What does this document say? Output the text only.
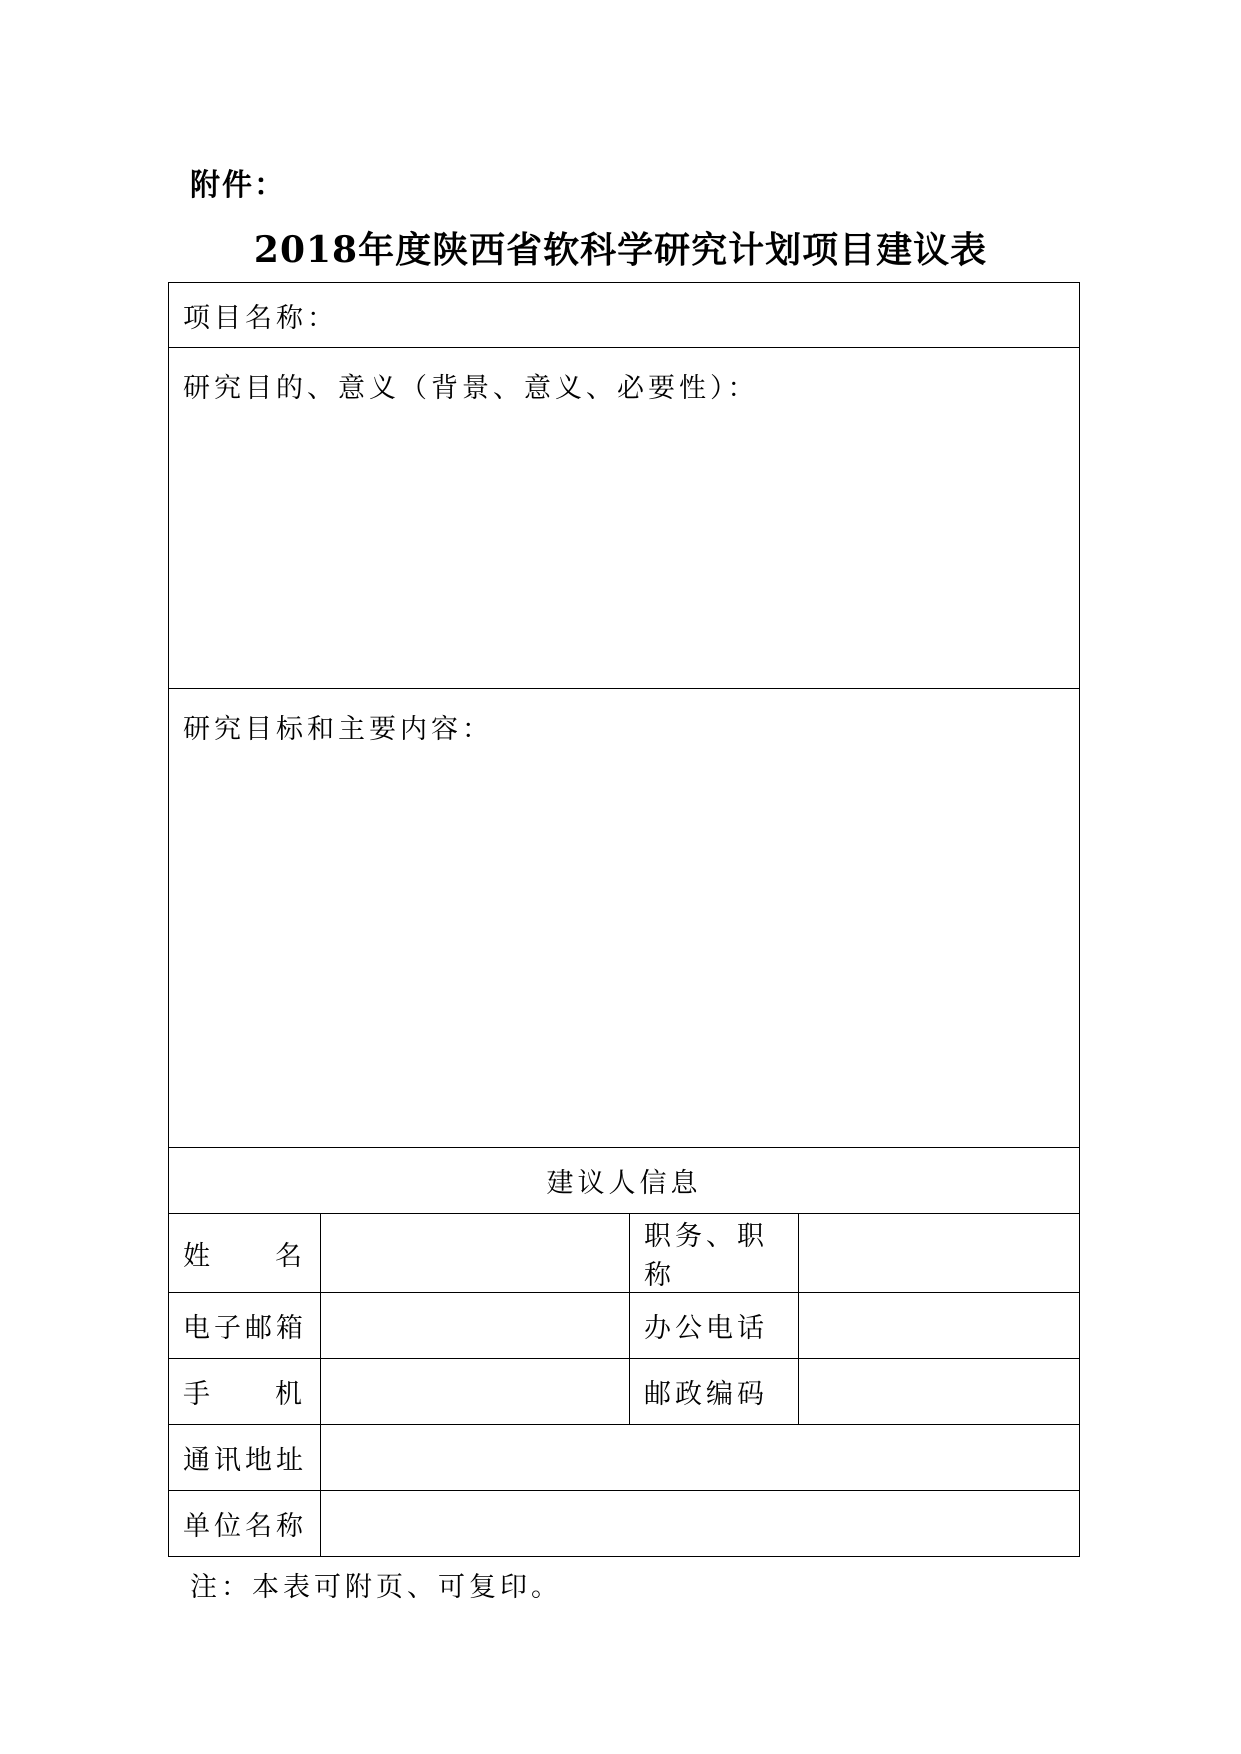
附件：
2018年度陕西省软科学研究计划项目建议表
项目名称：			
研究目的、意义（背景、意义、必要性）：			
研究目标和主要内容：			
建议人信息			

姓 名		职务、职称	
电子邮箱		办公电话	

手 机		邮政编码	
通讯地址			
单位名称			
注：本表可附页、可复印。
